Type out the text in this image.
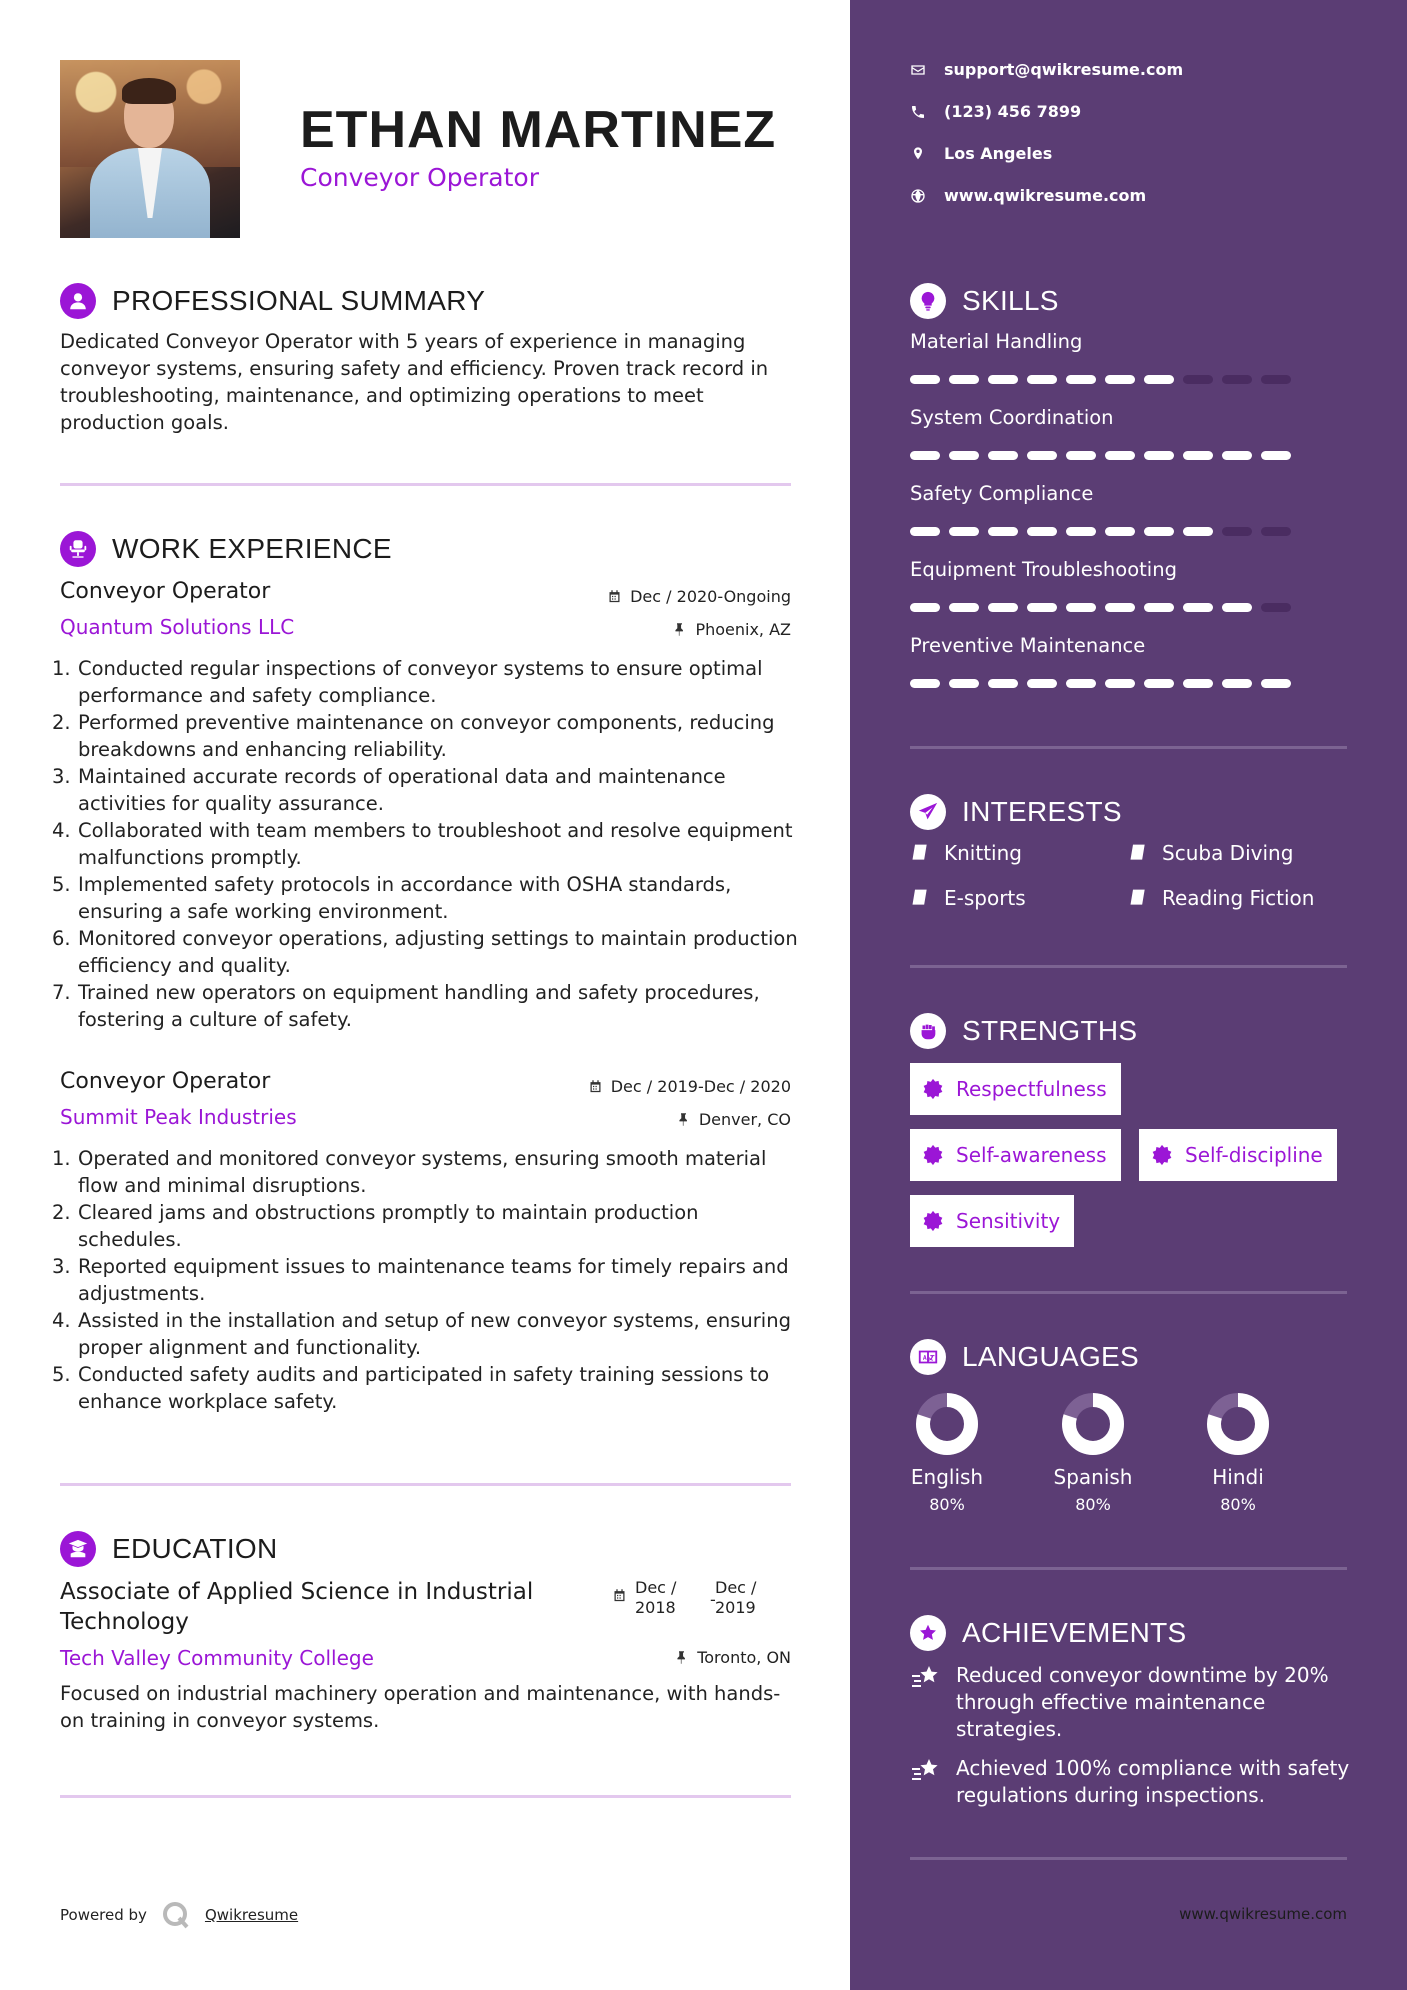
ETHAN MARTINEZ
Conveyor Operator
PROFESSIONAL SUMMARY
Dedicated Conveyor Operator with 5 years of experience in managing conveyor systems, ensuring safety and efficiency. Proven track record in troubleshooting, maintenance, and optimizing operations to meet production goals.
WORK EXPERIENCE
Conveyor Operator
Quantum Solutions LLC
Dec / 2020-Ongoing
Phoenix, AZ
1. Conducted regular inspections of conveyor systems to ensure optimal performance and safety compliance.
2. Performed preventive maintenance on conveyor components, reducing breakdowns and enhancing reliability.
3. Maintained accurate records of operational data and maintenance activities for quality assurance.
4. Collaborated with team members to troubleshoot and resolve equipment malfunctions promptly.
5. Implemented safety protocols in accordance with OSHA standards, ensuring a safe working environment.
6. Monitored conveyor operations, adjusting settings to maintain production efficiency and quality.
7. Trained new operators on equipment handling and safety procedures, fostering a culture of safety.
Conveyor Operator
Summit Peak Industries
Dec / 2019-Dec / 2020
Denver, CO
1. Operated and monitored conveyor systems, ensuring smooth material flow and minimal disruptions.
2. Cleared jams and obstructions promptly to maintain production schedules.
3. Reported equipment issues to maintenance teams for timely repairs and adjustments.
4. Assisted in the installation and setup of new conveyor systems, ensuring proper alignment and functionality.
5. Conducted safety audits and participated in safety training sessions to enhance workplace safety.
EDUCATION
Associate of Applied Science in Industrial Technology
Dec / 2018	-
Dec / 2019
Tech Valley Community College	Toronto, ON
Focused on industrial machinery operation and maintenance, with hands-on training in conveyor systems.
Powered by	Qwikresume
support@qwikresume.com
(123) 456 7899
Los Angeles
www.qwikresume.com
SKILLS
Material Handling
System Coordination
Safety Compliance
Equipment Troubleshooting
Preventive Maintenance
INTERESTS
Knitting	Scuba Diving
E-sports	Reading Fiction
STRENGTHS
Respectfulness
Self-awareness	Self-discipline
Sensitivity
LANGUAGES
English
80%
Spanish
80%
Hindi
80%
ACHIEVEMENTS
Reduced conveyor downtime by 20% through effective maintenance strategies.
Achieved 100% compliance with safety regulations during inspections.
www.qwikresume.com
